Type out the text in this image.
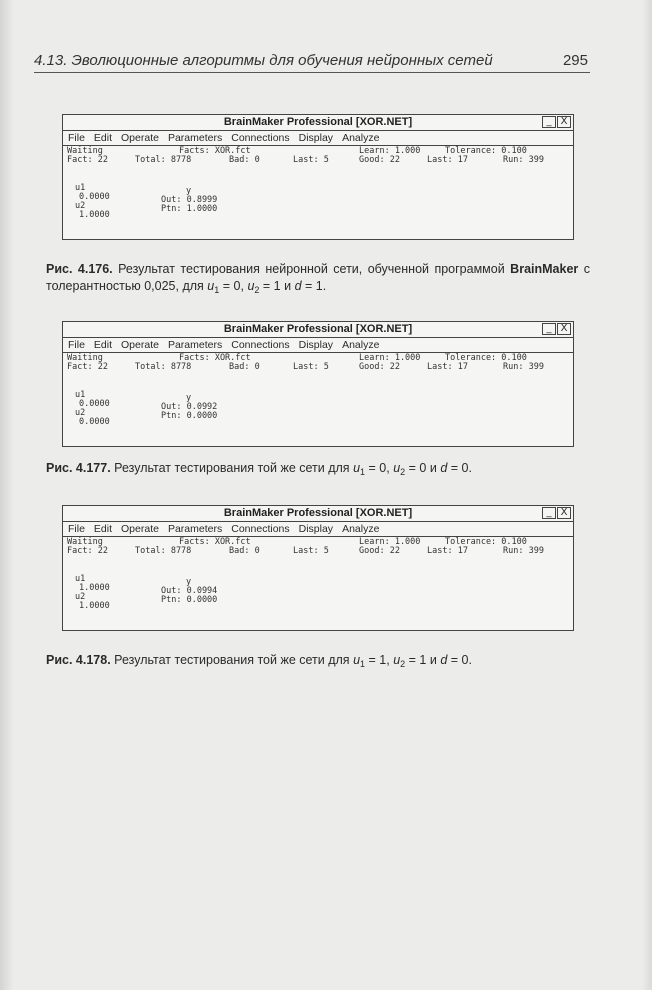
4.13. Эволюционные алгоритмы для обучения нейронных сетей	295
BrainMaker Professional [XOR.NET]	_ X
File Edit Operate Parameters Connections Display Analyze
Waiting
Fact: 22
Facts: XOR.fct
Total: 8778	Bad: 0	Last: 5
Learn: 1.000	Tolerance: 0.100
Good: 22	Last: 17	Run: 399
u1
0.0000
u2
1.0000
y
Out: 0.8999
Ptn: 1.0000
Рис. 4.176. Результат тестирования нейронной сети, обученной программой BrainMaker с толерантностью 0,025, для $u_1 = 0$, $u_2 = 1$ и d = 1.
BrainMaker Professional [XOR.NET]	_ X
File Edit Operate Parameters Connections Display Analyze
Waiting
Fact: 22
Facts: XOR.fct
Total: 8778	Bad: 0	Last: 5
Learn: 1.000	Tolerance: 0.100
Good: 22	Last: 17	Run: 399
u1
0.0000
u2
0.0000
y
Out: 0.0992
Ptn: 0.0000
Рис. 4.177. Результат тестирования той же сети для $u_1 = 0$, $u_2 = 0$ и d = 0.
BrainMaker Professional [XOR.NET]	_ X
File Edit Operate Parameters Connections Display Analyze
Waiting
Fact: 22
Facts: XOR.fct
Total: 8778	Bad: 0	Last: 5
Learn: 1.000	Tolerance: 0.100
Good: 22	Last: 17	Run: 399
u1
1.0000
u2
1.0000
y
Out: 0.0994
Ptn: 0.0000
Рис. 4.178. Результат тестирования той же сети для $u_1 = 1$, $u_2 = 1$ и d = 0.
